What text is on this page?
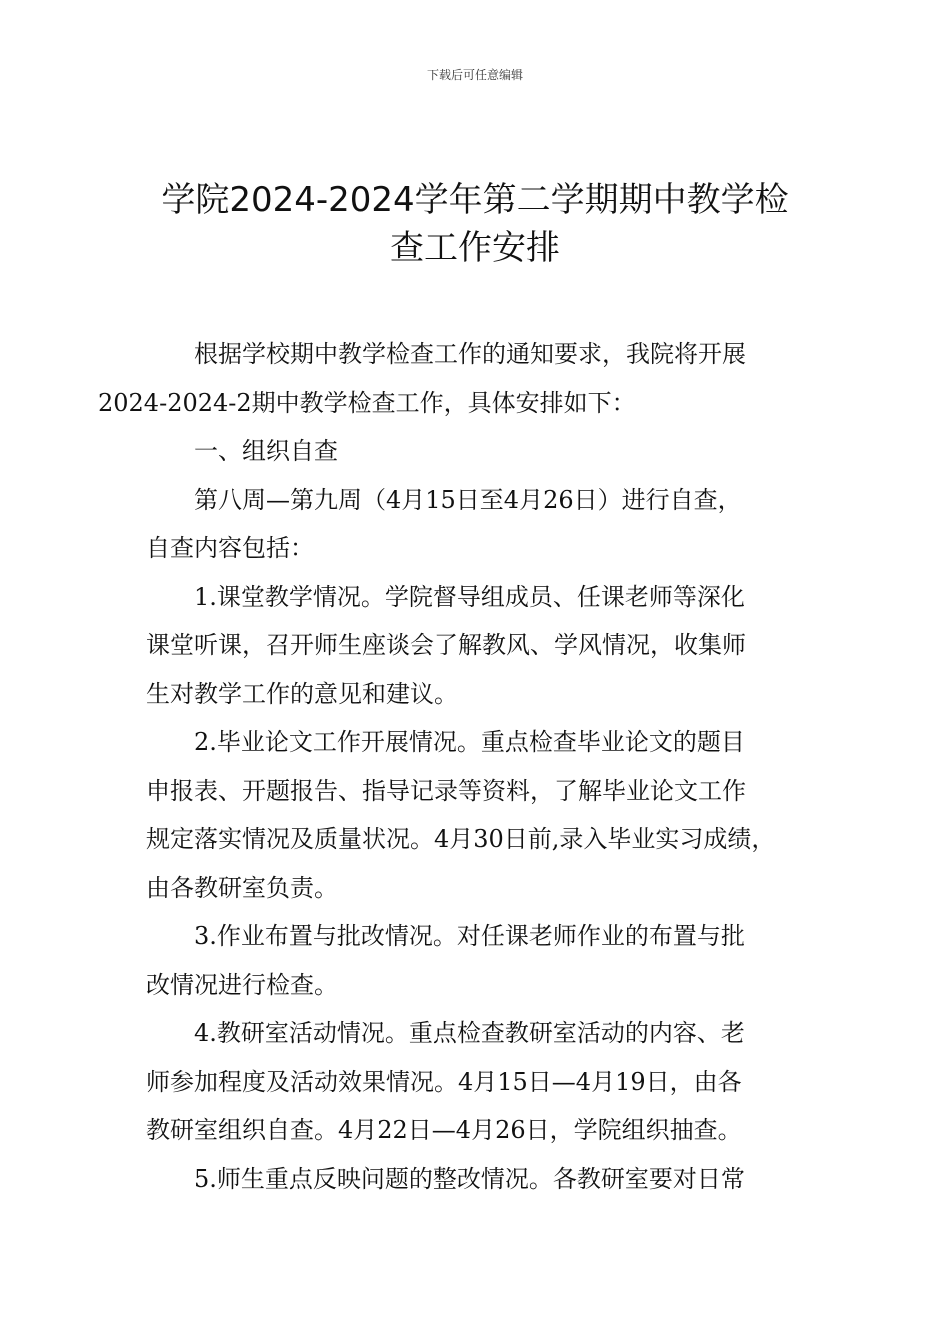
下载后可任意编辑
学院2024-2024学年第二学期期中教学检
查工作安排

根据学校期中教学检查工作的通知要求，我院将开展
2024-2024-2期中教学检查工作，具体安排如下：

一、组织自查

第八周—第九周（4月15日至4月26日）进行自查，
自查内容包括：

1.课堂教学情况。学院督导组成员、任课老师等深化
课堂听课，召开师生座谈会了解教风、学风情况，收集师
生对教学工作的意见和建议。

2.毕业论文工作开展情况。重点检查毕业论文的题目
申报表、开题报告、指导记录等资料，了解毕业论文工作
规定落实情况及质量状况。4月30日前,录入毕业实习成绩，
由各教研室负责。

3.作业布置与批改情况。对任课老师作业的布置与批
改情况进行检查。

4.教研室活动情况。重点检查教研室活动的内容、老
师参加程度及活动效果情况。4月15日—4月19日，由各
教研室组织自查。4月22日—4月26日，学院组织抽查。

5.师生重点反映问题的整改情况。各教研室要对日常
